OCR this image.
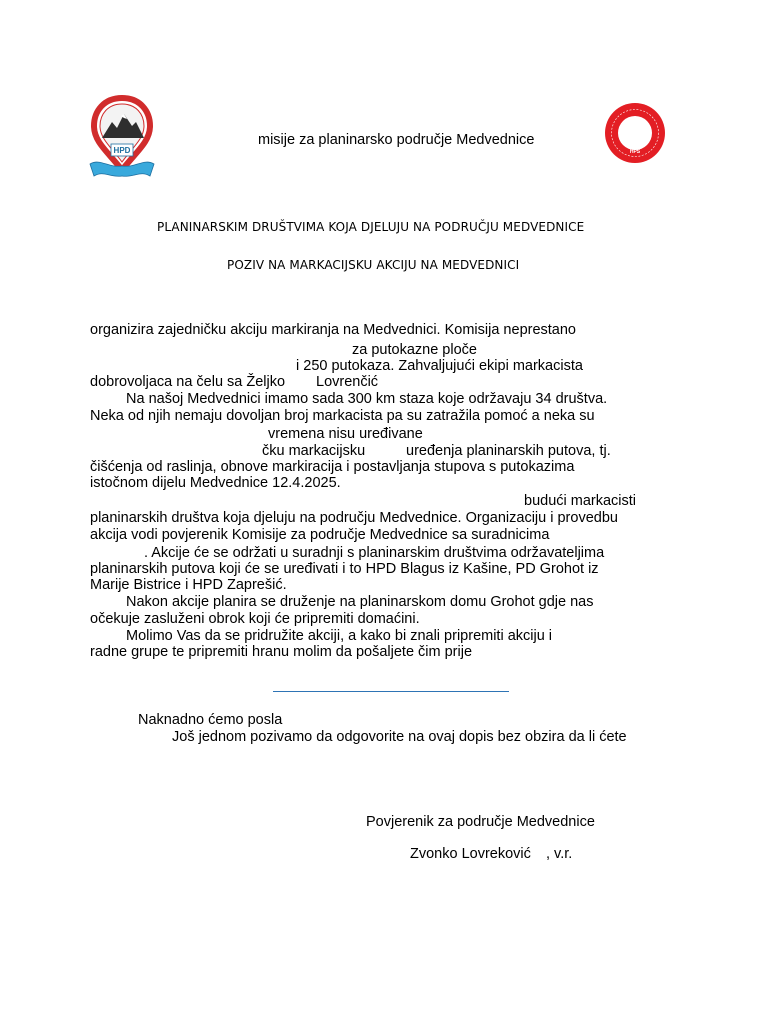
HPD	HPS
misije za planinarsko područje Medvednice
PLANINARSKIM DRUŠTVIMA KOJA DJELUJU NA PODRUČJU MEDVEDNICE
POZIV NA MARKACIJSKU AKCIJU NA MEDVEDNICI
organizira zajedničku akciju markiranja na Medvednici. Komisija neprestano
za putokazne ploče
i 250 putokaza. Zahvaljujući ekipi markacista
dobrovoljaca na čelu sa Željko Lovrenčić
Na našoj Medvednici imamo sada 300 km staza koje održavaju 34 društva.
Neka od njih nemaju dovoljan broj markacista pa su zatražila pomoć a neka su
vremena nisu uređivane
čku markacijsku	uređenja planinarskih putova, tj.
čišćenja od raslinja, obnove markiracija i postavljanja stupova s putokazima
istočnom dijelu Medvednice 12.4.2025.
budući markacisti
planinarskih društva koja djeluju na području Medvednice. Organizaciju i provedbu
akcija vodi povjerenik Komisije za područje Medvednice sa suradnicima
. Akcije će se održati u suradnji s planinarskim društvima održavateljima
planinarskih putova koji će se uređivati i to HPD Blagus iz Kašine, PD Grohot iz
Marije Bistrice i HPD Zaprešić.
Nakon akcije planira se druženje na planinarskom domu Grohot gdje nas
očekuje zasluženi obrok koji će pripremiti domaćini.
Molimo Vas da se pridružite akciji, a kako bi znali pripremiti akciju i
radne grupe te pripremiti hranu molim da pošaljete čim prije
Naknadno ćemo posla
Još jednom pozivamo da odgovorite na ovaj dopis bez obzira da li ćete
Povjerenik za područje Medvednice
Zvonko Lovreković , v.r.
